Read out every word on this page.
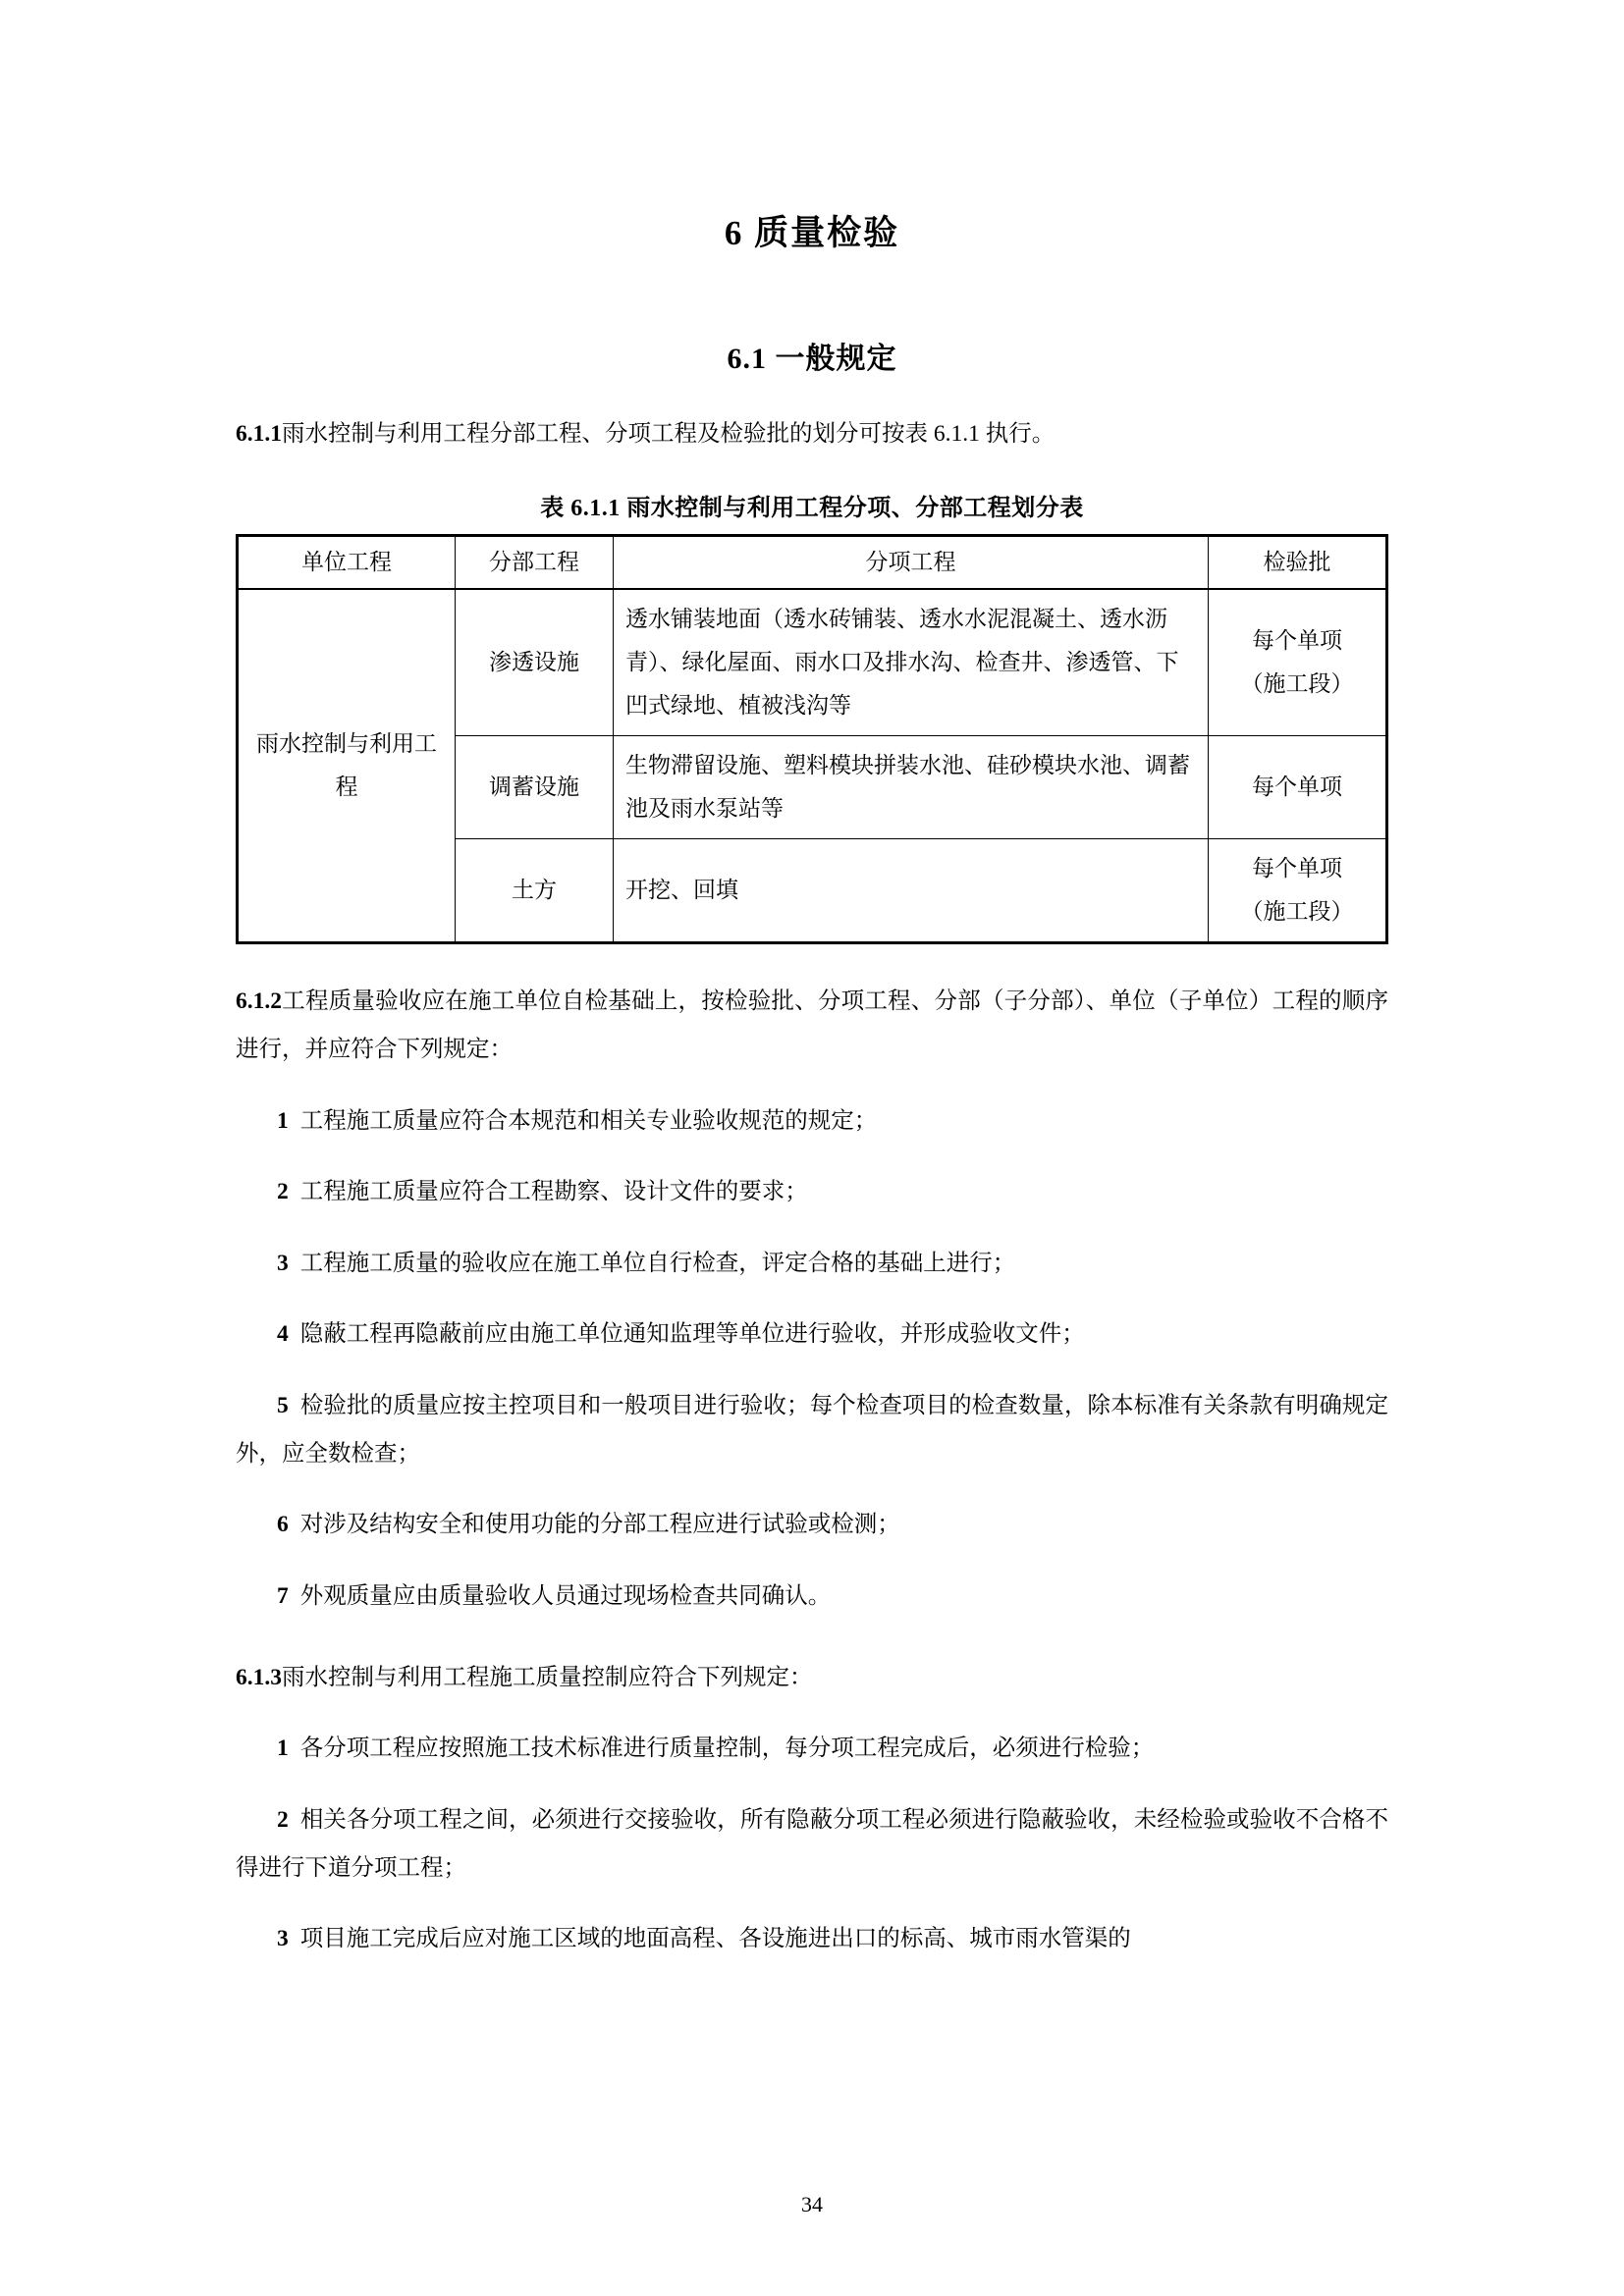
6 质量检验
6.1 一般规定

6.1.1雨水控制与利用工程分部工程、分项工程及检验批的划分可按表 6.1.1 执行。

表 6.1.1 雨水控制与利用工程分项、分部工程划分表
单位工程	分部工程	分项工程	检验批
雨水控制与利用工程	渗透设施	透水铺装地面（透水砖铺装、透水水泥混凝土、透水沥青）、绿化屋面、雨水口及排水沟、检查井、渗透管、下凹式绿地、植被浅沟等	每个单项
（施工段）

	调蓄设施	生物滞留设施、塑料模块拼装水池、硅砂模块水池、调蓄池及雨水泵站等	每个单项
	土方	开挖、回填	每个单项
（施工段）

6.1.2工程质量验收应在施工单位自检基础上，按检验批、分项工程、分部（子分部）、单位（子单位）工程的顺序进行，并应符合下列规定：

1 工程施工质量应符合本规范和相关专业验收规范的规定；

2 工程施工质量应符合工程勘察、设计文件的要求；

3 工程施工质量的验收应在施工单位自行检查，评定合格的基础上进行；

4 隐蔽工程再隐蔽前应由施工单位通知监理等单位进行验收，并形成验收文件；

5 检验批的质量应按主控项目和一般项目进行验收；每个检查项目的检查数量，除本标准有关条款有明确规定外，应全数检查；

6 对涉及结构安全和使用功能的分部工程应进行试验或检测；

7 外观质量应由质量验收人员通过现场检查共同确认。

6.1.3雨水控制与利用工程施工质量控制应符合下列规定：

1 各分项工程应按照施工技术标准进行质量控制，每分项工程完成后，必须进行检验；

2 相关各分项工程之间，必须进行交接验收，所有隐蔽分项工程必须进行隐蔽验收，未经检验或验收不合格不得进行下道分项工程；

3 项目施工完成后应对施工区域的地面高程、各设施进出口的标高、城市雨水管渠的

34
